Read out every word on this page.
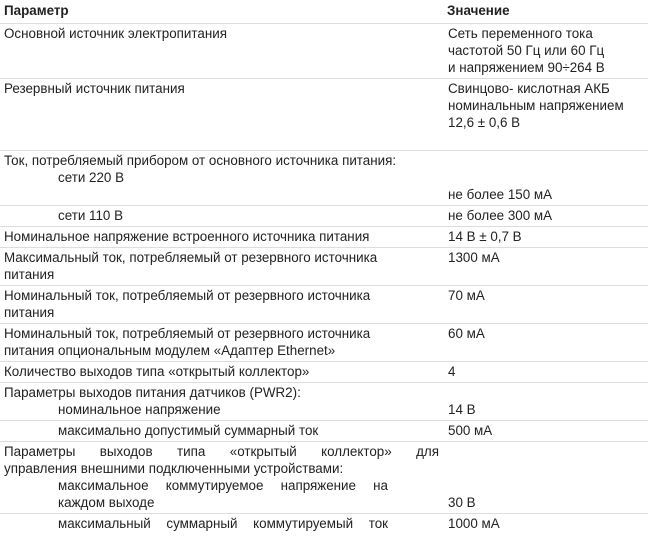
Параметр	Значение

Основной источник электропитания	Сеть переменного тока
частотой 50 Гц или 60 Гц
и напряжением 90÷264 В

Резервный источник питания	Свинцово- кислотная АКБ
номинальным напряжением
12,6 ± 0,6 В

Ток, потребляемый прибором от основного источника питания:
сети 220 В	не более 150 мА

сети 110 В	не более 300 мА

Номинальное напряжение встроенного источника питания	14 В ± 0,7 В

Максимальный ток, потребляемый от резервного источника
питания	1300 мА

Номинальный ток, потребляемый от резервного источника
питания	70 мА

Номинальный ток, потребляемый от резервного источника
питания опциональным модулем «Адаптер Ethernet»	60 мА

Количество выходов типа «открытый коллектор»	4

Параметры выходов питания датчиков (PWR2):
номинальное напряжение	14 В

максимально допустимый суммарный ток	500 мА

Параметры выходов типа «открытый коллектор» для
управления внешними подключенными устройствами:
максимальное коммутируемое напряжение на
каждом выходе	30 В

максимальный суммарный коммутируемый ток	1000 мА
